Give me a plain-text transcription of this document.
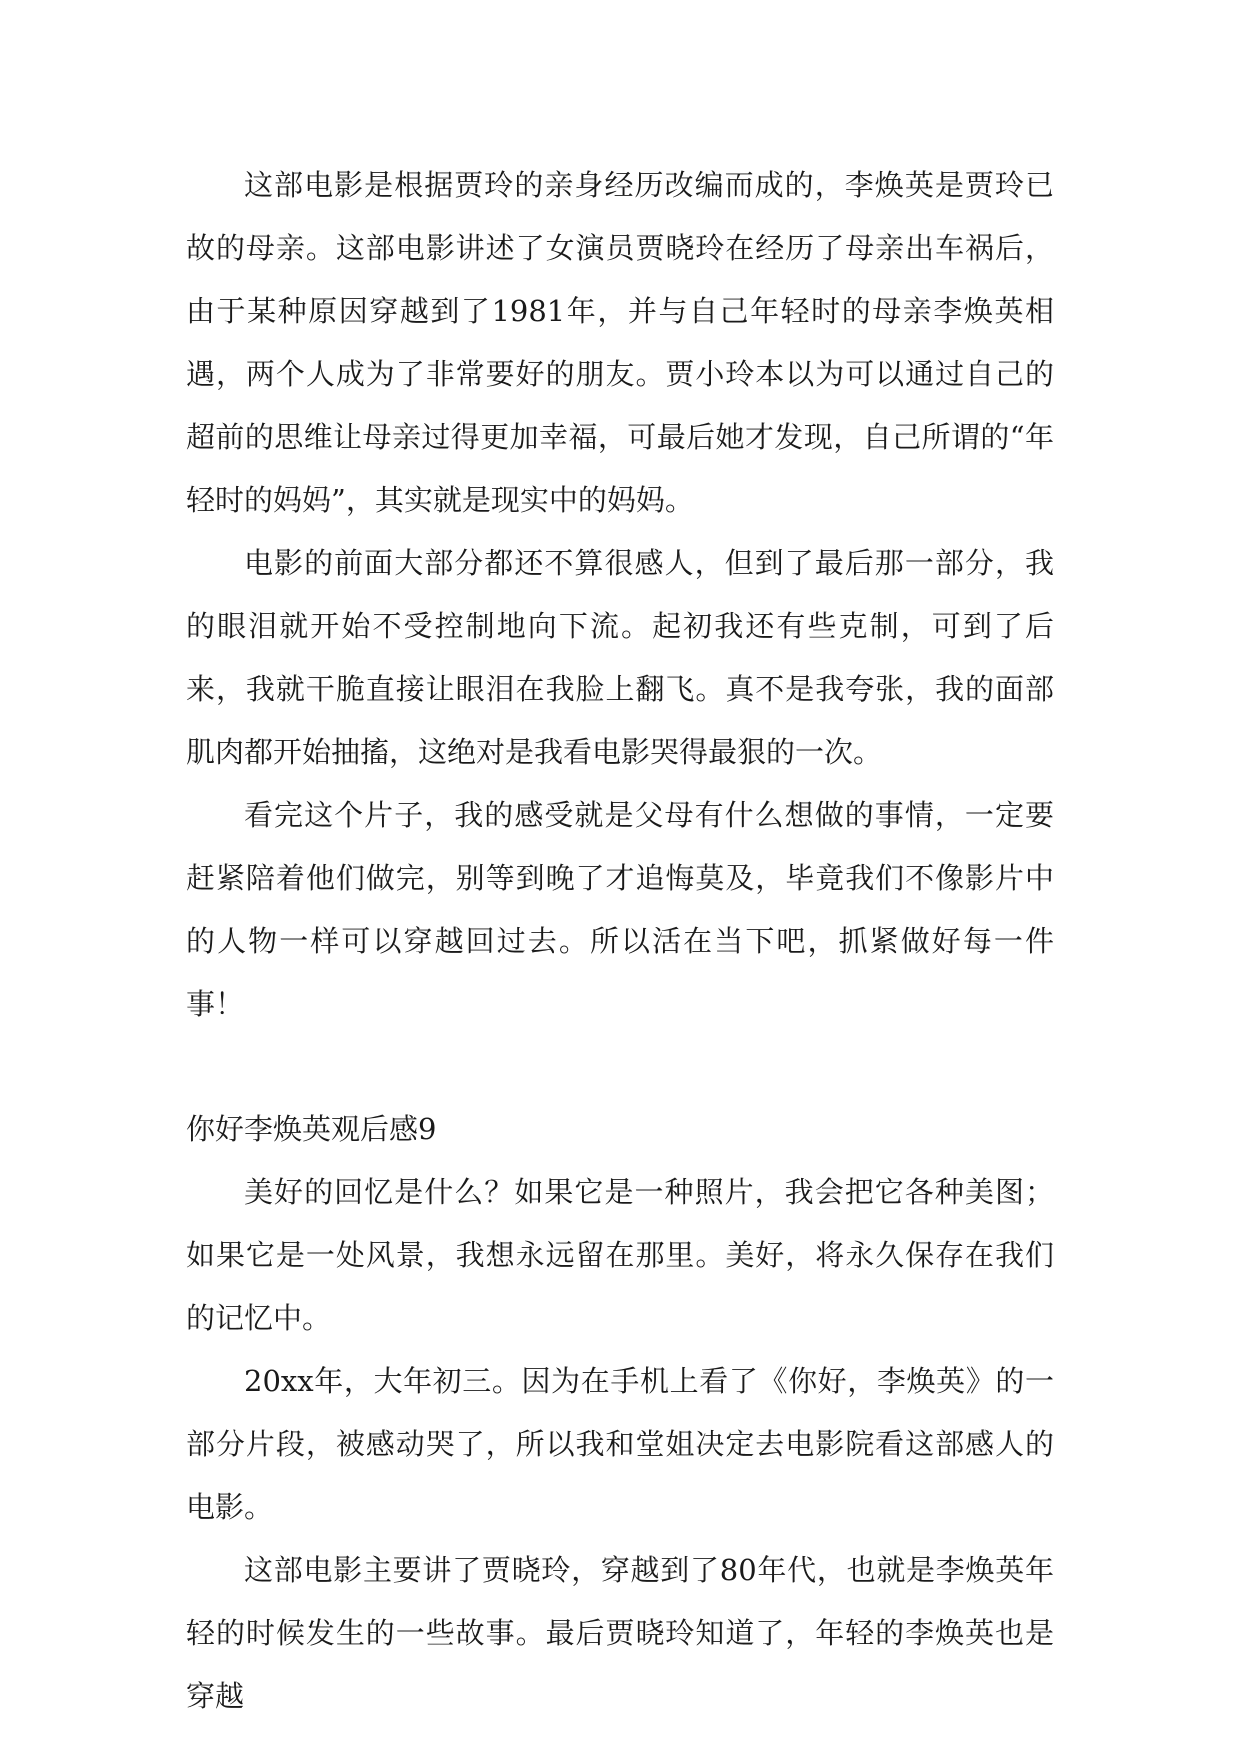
这部电影是根据贾玲的亲身经历改编而成的，李焕英是贾玲已故的母亲。这部电影讲述了女演员贾晓玲在经历了母亲出车祸后，由于某种原因穿越到了1981年，并与自己年轻时的母亲李焕英相遇，两个人成为了非常要好的朋友。贾小玲本以为可以通过自己的超前的思维让母亲过得更加幸福，可最后她才发现，自己所谓的“年轻时的妈妈”，其实就是现实中的妈妈。

电影的前面大部分都还不算很感人，但到了最后那一部分，我的眼泪就开始不受控制地向下流。起初我还有些克制，可到了后来，我就干脆直接让眼泪在我脸上翻飞。真不是我夸张，我的面部肌肉都开始抽搐，这绝对是我看电影哭得最狠的一次。

看完这个片子，我的感受就是父母有什么想做的事情，一定要赶紧陪着他们做完，别等到晚了才追悔莫及，毕竟我们不像影片中的人物一样可以穿越回过去。所以活在当下吧，抓紧做好每一件事！

你好李焕英观后感9

美好的回忆是什么？如果它是一种照片，我会把它各种美图；如果它是一处风景，我想永远留在那里。美好，将永久保存在我们的记忆中。

20xx年，大年初三。因为在手机上看了《你好，李焕英》的一部分片段，被感动哭了，所以我和堂姐决定去电影院看这部感人的电影。

这部电影主要讲了贾晓玲，穿越到了80年代，也就是李焕英年轻的时候发生的一些故事。最后贾晓玲知道了，年轻的李焕英也是穿越
